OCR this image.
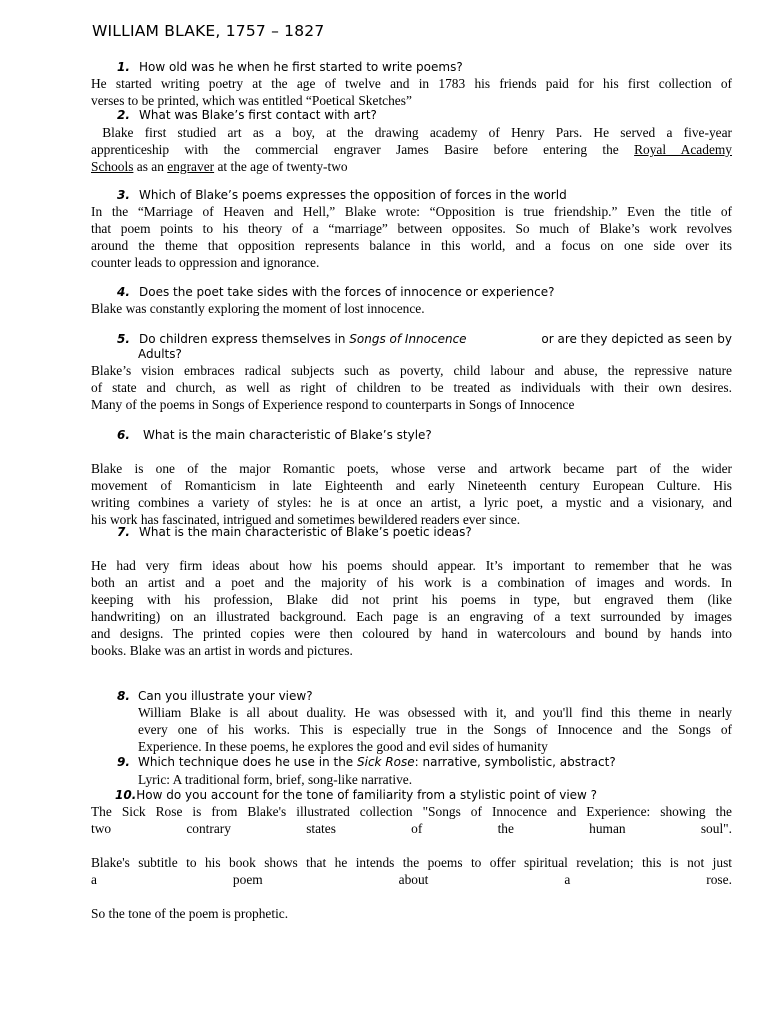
WILLIAM BLAKE, 1757 – 1827
1. How old was he when he first started to write poems?
He started writing poetry at the age of twelve and in 1783 his friends paid for his first collection of
verses to be printed, which was entitled “Poetical Sketches”
2. What was Blake’s first contact with art?
Blake first studied art as a boy, at the drawing academy of Henry Pars. He served a five-year
apprenticeship with the commercial engraver James Basire before entering the Royal Academy
Schools as an engraver at the age of twenty-two
3. Which of Blake’s poems expresses the opposition of forces in the world
In the “Marriage of Heaven and Hell,” Blake wrote: “Opposition is true friendship.” Even the title of
that poem points to his theory of a “marriage” between opposites. So much of Blake’s work revolves
around the theme that opposition represents balance in this world, and a focus on one side over its
counter leads to oppression and ignorance.
4. Does the poet take sides with the forces of innocence or experience?
Blake was constantly exploring the moment of lost innocence.
5. Do children express themselves in Songs of Innocence	or are they depicted as seen by
Adults?
Blake’s vision embraces radical subjects such as poverty, child labour and abuse, the repressive nature
of state and church, as well as right of children to be treated as individuals with their own desires.
Many of the poems in Songs of Experience respond to counterparts in Songs of Innocence
6. What is the main characteristic of Blake’s style?
Blake is one of the major Romantic poets, whose verse and artwork became part of the wider
movement of Romanticism in late Eighteenth and early Nineteenth century European Culture. His
writing combines a variety of styles: he is at once an artist, a lyric poet, a mystic and a visionary, and
his work has fascinated, intrigued and sometimes bewildered readers ever since.
7. What is the main characteristic of Blake’s poetic ideas?
He had very firm ideas about how his poems should appear. It’s important to remember that he was
both an artist and a poet and the majority of his work is a combination of images and words. In
keeping with his profession, Blake did not print his poems in type, but engraved them (like
handwriting) on an illustrated background. Each page is an engraving of a text surrounded by images
and designs. The printed copies were then coloured by hand in watercolours and bound by hands into
books. Blake was an artist in words and pictures.
8. Can you illustrate your view?
William Blake is all about duality. He was obsessed with it, and you'll find this theme in nearly
every one of his works. This is especially true in the Songs of Innocence and the Songs of
Experience. In these poems, he explores the good and evil sides of humanity
9. Which technique does he use in the Sick Rose: narrative, symbolistic, abstract?
Lyric: A traditional form, brief, song-like narrative.
10.How do you account for the tone of familiarity from a stylistic point of view ?
The Sick Rose is from Blake's illustrated collection "Songs of Innocence and Experience: showing the
two	contrary	states	of	the	human	soul".
Blake's subtitle to his book shows that he intends the poems to offer spiritual revelation; this is not just
a	poem	about	a	rose.
So the tone of the poem is prophetic.
